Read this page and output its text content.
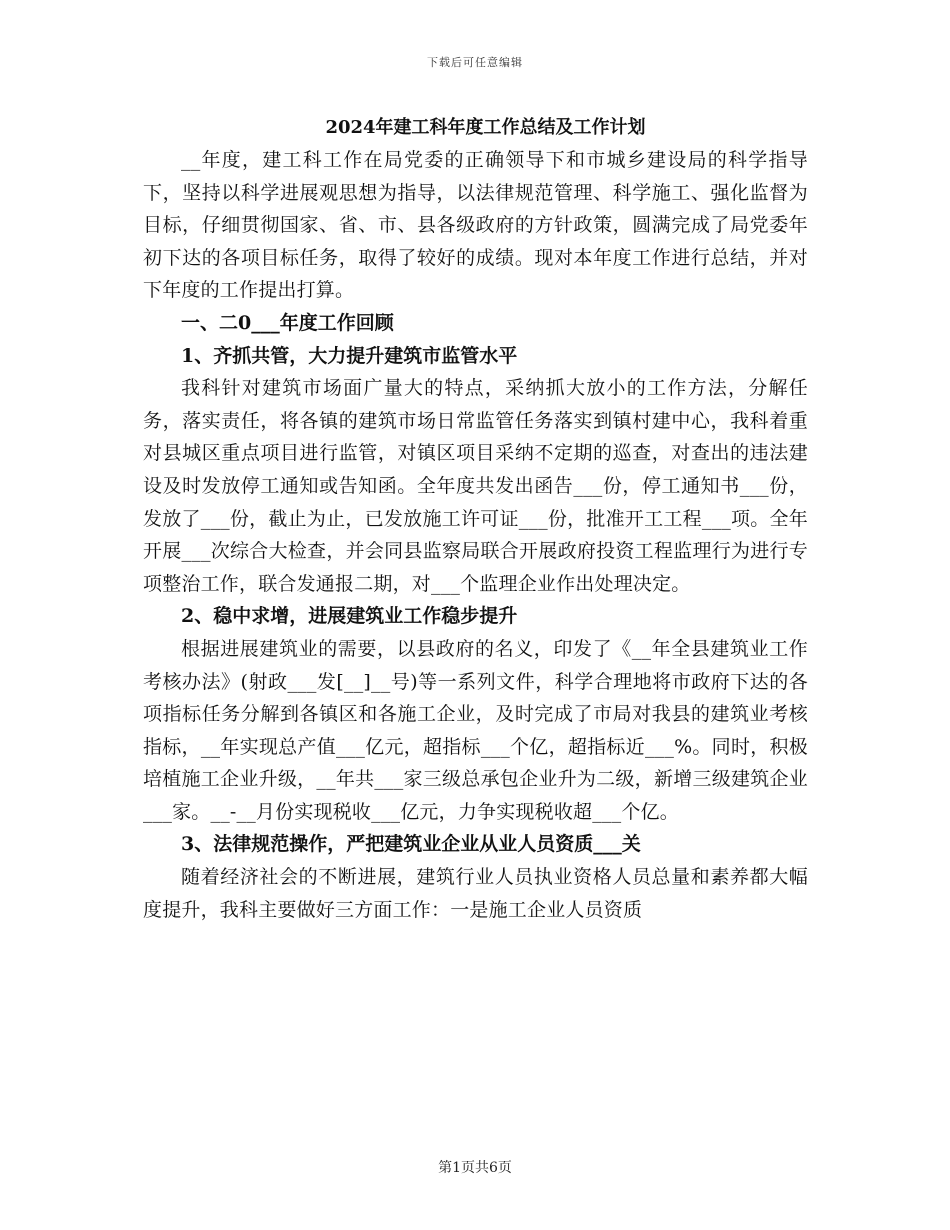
下载后可任意编辑
2024年建工科年度工作总结及工作计划

__年度，建工科工作在局党委的正确领导下和市城乡建设局的科学指导下，坚持以科学进展观思想为指导，以法律规范管理、科学施工、强化监督为目标，仔细贯彻国家、省、市、县各级政府的方针政策，圆满完成了局党委年初下达的各项目标任务，取得了较好的成绩。现对本年度工作进行总结，并对下年度的工作提出打算。

一、二0___年度工作回顾

1、齐抓共管，大力提升建筑市监管水平

我科针对建筑市场面广量大的特点，采纳抓大放小的工作方法，分解任务，落实责任，将各镇的建筑市场日常监管任务落实到镇村建中心，我科着重对县城区重点项目进行监管，对镇区项目采纳不定期的巡查，对查出的违法建设及时发放停工通知或告知函。全年度共发出函告___份，停工通知书___份，发放了___份，截止为止，已发放施工许可证___份，批准开工工程___项。全年开展___次综合大检查，并会同县监察局联合开展政府投资工程监理行为进行专项整治工作，联合发通报二期，对___个监理企业作出处理决定。

2、稳中求增，进展建筑业工作稳步提升

根据进展建筑业的需要，以县政府的名义，印发了《__年全县建筑业工作考核办法》(射政___发[__]__号)等一系列文件，科学合理地将市政府下达的各项指标任务分解到各镇区和各施工企业，及时完成了市局对我县的建筑业考核指标，__年实现总产值___亿元，超指标___个亿，超指标近___%。同时，积极培植施工企业升级，__年共___家三级总承包企业升为二级，新增三级建筑企业___家。__-__月份实现税收___亿元，力争实现税收超___个亿。

3、法律规范操作，严把建筑业企业从业人员资质___关

随着经济社会的不断进展，建筑行业人员执业资格人员总量和素养都大幅度提升，我科主要做好三方面工作：一是施工企业人员资质

第1页共6页
